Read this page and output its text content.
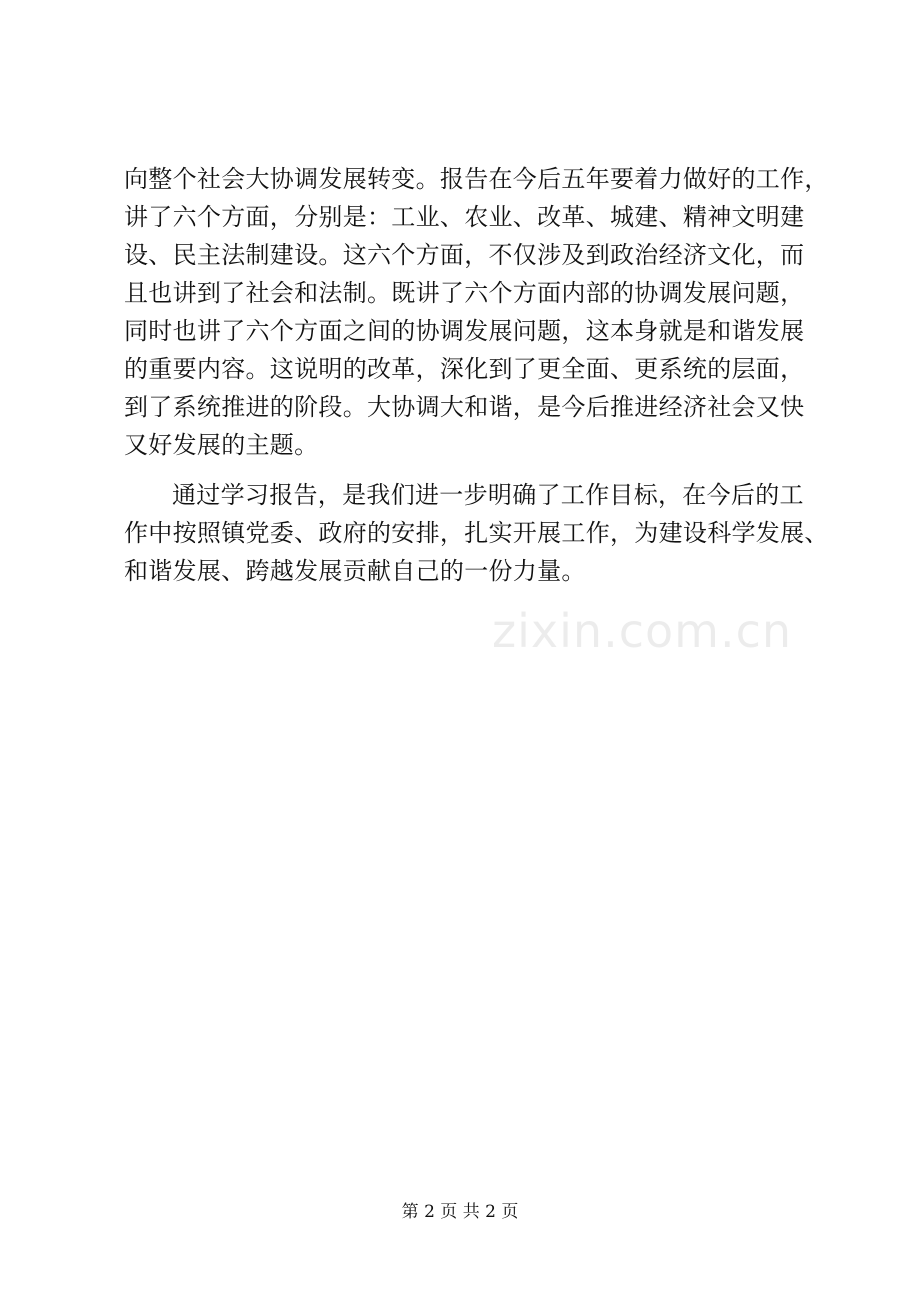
向整个社会大协调发展转变。报告在今后五年要着力做好的工作，
讲了六个方面，分别是：工业、农业、改革、城建、精神文明建
设、民主法制建设。这六个方面，不仅涉及到政治经济文化，而
且也讲到了社会和法制。既讲了六个方面内部的协调发展问题，
同时也讲了六个方面之间的协调发展问题，这本身就是和谐发展
的重要内容。这说明的改革，深化到了更全面、更系统的层面，
到了系统推进的阶段。大协调大和谐，是今后推进经济社会又快
又好发展的主题。
通过学习报告，是我们进一步明确了工作目标，在今后的工
作中按照镇党委、政府的安排，扎实开展工作，为建设科学发展、
和谐发展、跨越发展贡献自己的一份力量。
zixin.com.cn
第 2 页 共 2 页
